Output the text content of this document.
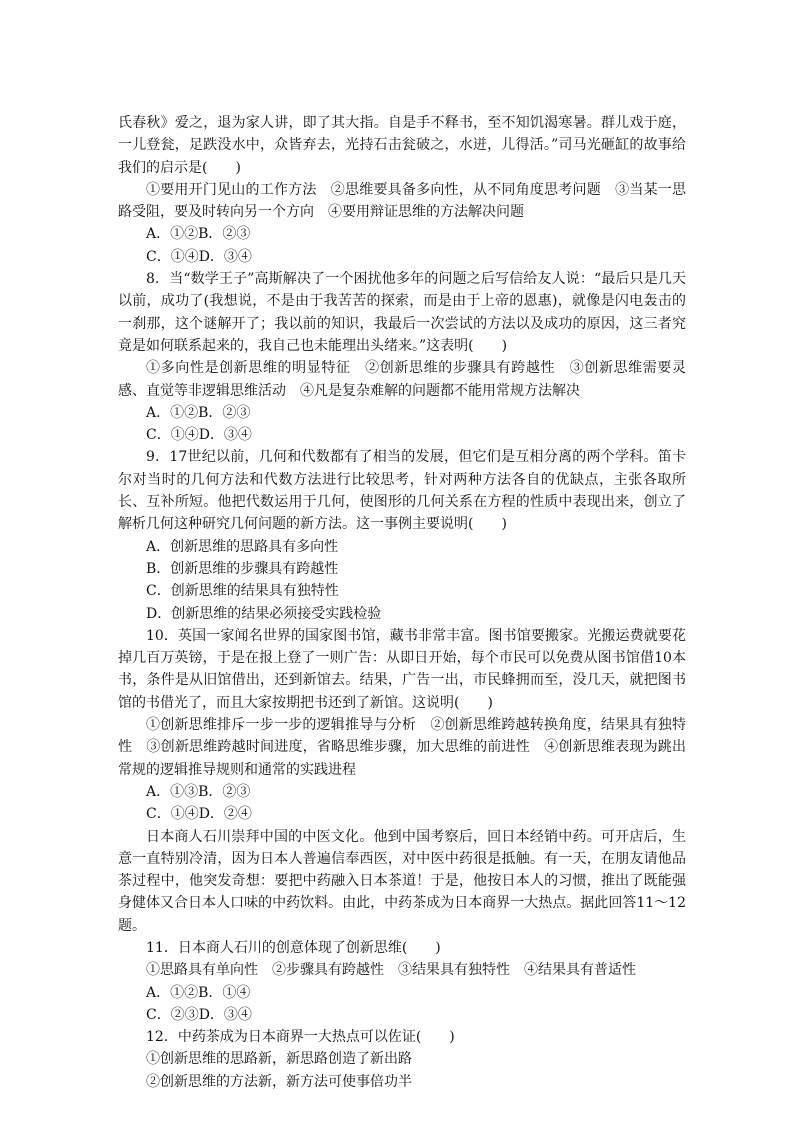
氏春秋》爱之，退为家人讲，即了其大指。自是手不释书，至不知饥渴寒暑。群儿戏于庭，一儿登瓮，足跌没水中，众皆弃去，光持石击瓮破之，水迸，儿得活。”司马光砸缸的故事给我们的启示是(　　)

①要用开门见山的工作方法　②思维要具备多向性，从不同角度思考问题　③当某一思路受阻，要及时转向另一个方向　④要用辩证思维的方法解决问题

A．①②B．②③

C．①④D．③④

8．当“数学王子”高斯解决了一个困扰他多年的问题之后写信给友人说：“最后只是几天以前，成功了(我想说，不是由于我苦苦的探索，而是由于上帝的恩惠)，就像是闪电轰击的一刹那，这个谜解开了；我以前的知识，我最后一次尝试的方法以及成功的原因，这三者究竟是如何联系起来的，我自己也未能理出头绪来。”这表明(　　)

①多向性是创新思维的明显特征　②创新思维的步骤具有跨越性　③创新思维需要灵感、直觉等非逻辑思维活动　④凡是复杂难解的问题都不能用常规方法解决

A．①②B．②③

C．①④D．③④

9．17世纪以前，几何和代数都有了相当的发展，但它们是互相分离的两个学科。笛卡尔对当时的几何方法和代数方法进行比较思考，针对两种方法各自的优缺点，主张各取所长、互补所短。他把代数运用于几何，使图形的几何关系在方程的性质中表现出来，创立了解析几何这种研究几何问题的新方法。这一事例主要说明(　　)

A．创新思维的思路具有多向性

B．创新思维的步骤具有跨越性

C．创新思维的结果具有独特性

D．创新思维的结果必须接受实践检验

10．英国一家闻名世界的国家图书馆，藏书非常丰富。图书馆要搬家。光搬运费就要花掉几百万英镑，于是在报上登了一则广告：从即日开始，每个市民可以免费从图书馆借10本书，条件是从旧馆借出，还到新馆去。结果，广告一出，市民蜂拥而至，没几天，就把图书馆的书借光了，而且大家按期把书还到了新馆。这说明(　　)

①创新思维排斥一步一步的逻辑推导与分析　②创新思维跨越转换角度，结果具有独特性　③创新思维跨越时间进度，省略思维步骤，加大思维的前进性　④创新思维表现为跳出常规的逻辑推导规则和通常的实践进程

A．①③B．②③

C．①④D．②④

日本商人石川崇拜中国的中医文化。他到中国考察后，回日本经销中药。可开店后，生意一直特别冷清，因为日本人普遍信奉西医，对中医中药很是抵触。有一天，在朋友请他品茶过程中，他突发奇想：要把中药融入日本茶道！于是，他按日本人的习惯，推出了既能强身健体又合日本人口味的中药饮料。由此，中药茶成为日本商界一大热点。据此回答11～12题。

11．日本商人石川的创意体现了创新思维(　　)

①思路具有单向性　②步骤具有跨越性　③结果具有独特性　④结果具有普适性

A．①②B．①④

C．②③D．③④

12．中药茶成为日本商界一大热点可以佐证(　　)

①创新思维的思路新，新思路创造了新出路

②创新思维的方法新，新方法可使事倍功半
